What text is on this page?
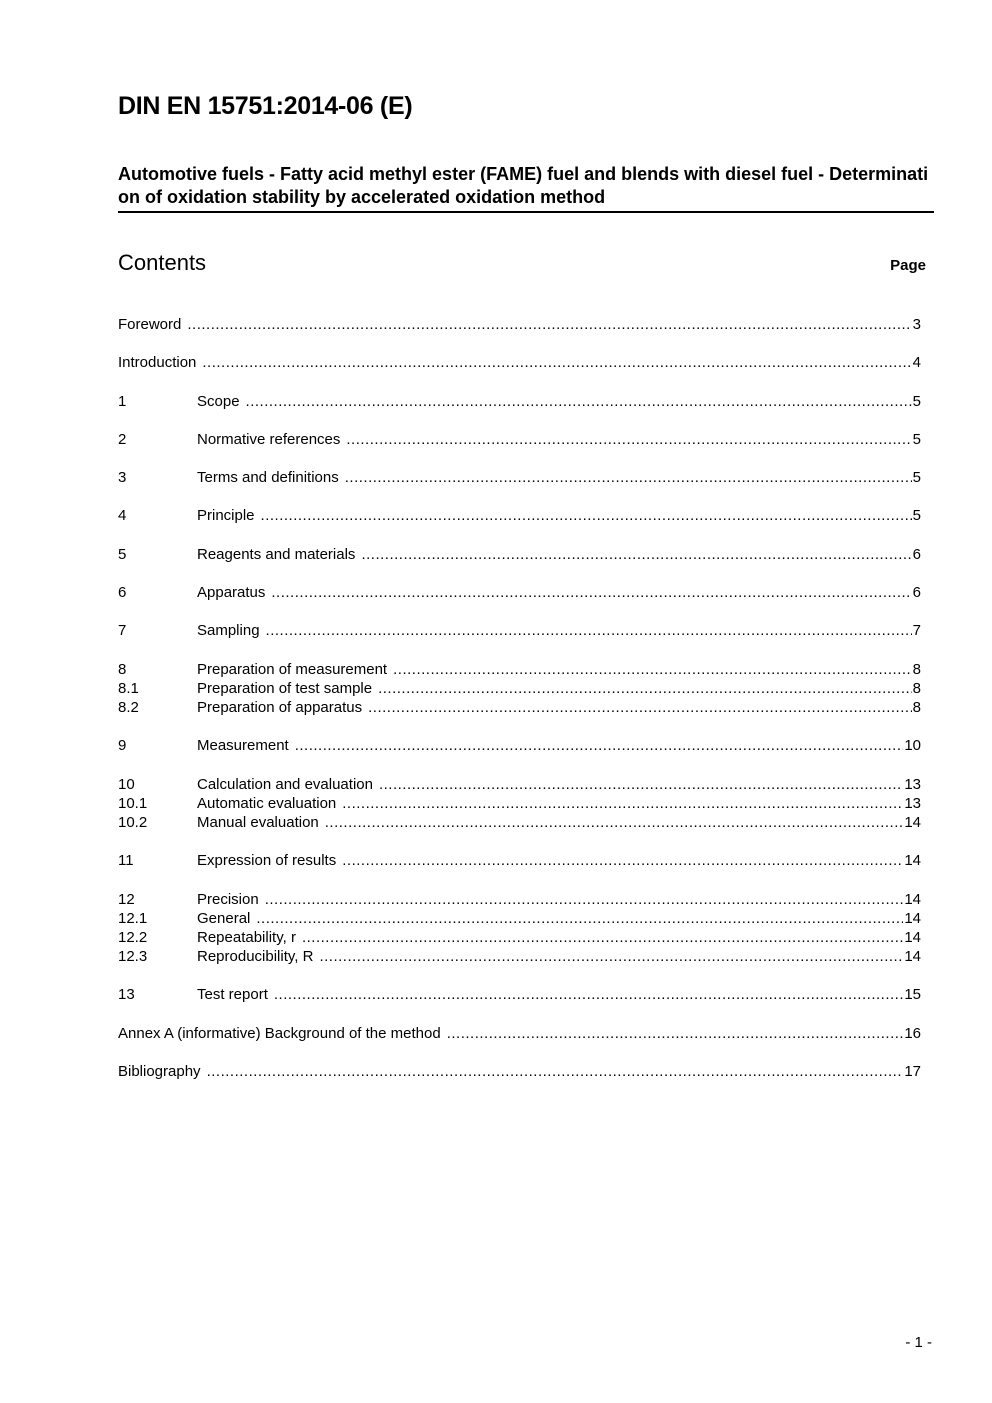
DIN EN 15751:2014-06 (E)
Automotive fuels - Fatty acid methyl ester (FAME) fuel and blends with diesel fuel - Determination of oxidation stability by accelerated oxidation method
Contents	Page
Foreword .....	3
Introduction .....	4
1	Scope .....	5
2	Normative references .....	5
3	Terms and definitions .....	5
4	Principle .....	5
5	Reagents and materials .....	6
6	Apparatus .....	6
7	Sampling .....	7
8	Preparation of measurement .....	8
8.1	Preparation of test sample .....	8
8.2	Preparation of apparatus .....	8
9	Measurement .....	10
10	Calculation and evaluation .....	13
10.1	Automatic evaluation .....	13
10.2	Manual evaluation .....	14
11	Expression of results .....	14
12	Precision .....	14
12.1	General .....	14
12.2	Repeatability, r .....	14
12.3	Reproducibility, R .....	14
13	Test report .....	15
Annex A (informative) Background of the method .....	16
Bibliography .....	17
- 1 -
